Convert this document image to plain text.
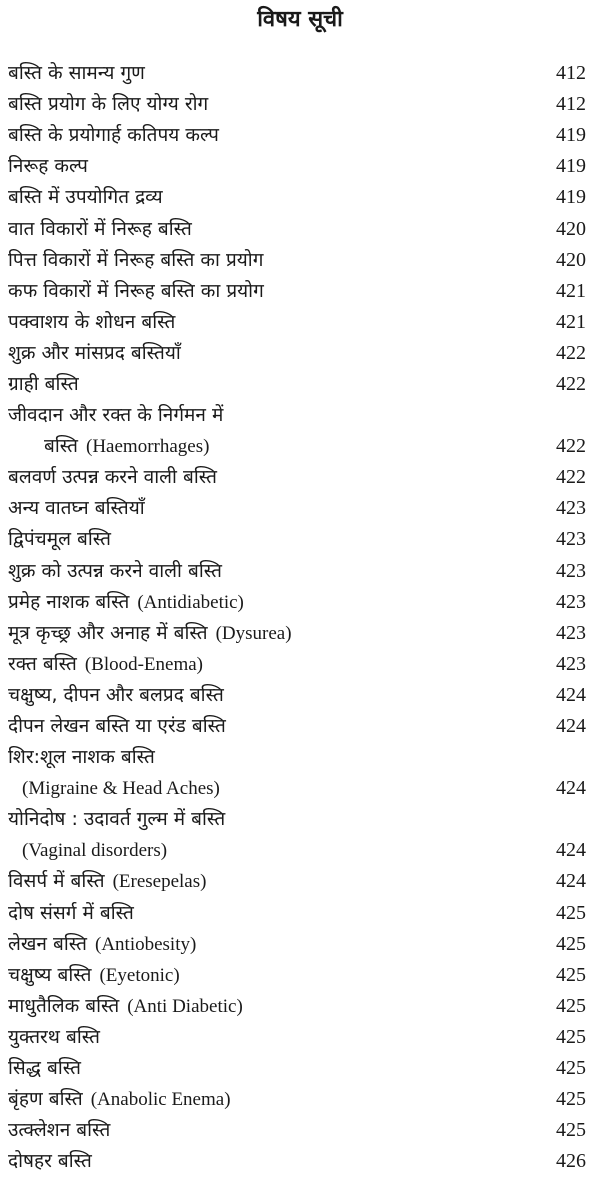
विषय सूची
बस्ति के सामन्य गुण	412
बस्ति प्रयोग के लिए योग्य रोग	412
बस्ति के प्रयोगार्ह कतिपय कल्प	419
निरूह कल्प	419
बस्ति में उपयोगित द्रव्य	419
वात विकारों में निरूह बस्ति	420
पित्त विकारों में निरूह बस्ति का प्रयोग	420
कफ विकारों में निरूह बस्ति का प्रयोग	421
पक्वाशय के शोधन बस्ति	421
शुक्र और मांसप्रद बस्तियाँ	422
ग्राही बस्ति	422
जीवदान और रक्त के निर्गमन में
बस्ति (Haemorrhages)	422
बलवर्ण उत्पन्न करने वाली बस्ति	422
अन्य वातघ्न बस्तियाँ	423
द्विपंचमूल बस्ति	423
शुक्र को उत्पन्न करने वाली बस्ति	423
प्रमेह नाशक बस्ति (Antidiabetic)	423
मूत्र कृच्छ्र और अनाह में बस्ति (Dysurea)	423
रक्त बस्ति (Blood-Enema)	423
चक्षुष्य, दीपन और बलप्रद बस्ति	424
दीपन लेखन बस्ति या एरंड बस्ति	424
शिर:शूल नाशक बस्ति
(Migraine & Head Aches)	424
योनिदोष : उदावर्त गुल्म में बस्ति
(Vaginal disorders)	424
विसर्प में बस्ति (Eresepelas)	424
दोष संसर्ग में बस्ति	425
लेखन बस्ति (Antiobesity)	425
चक्षुष्य बस्ति (Eyetonic)	425
माधुतैलिक बस्ति (Anti Diabetic)	425
युक्तरथ बस्ति	425
सिद्ध बस्ति	425
बृंहण बस्ति (Anabolic Enema)	425
उत्क्लेशन बस्ति	425
दोषहर बस्ति	426
